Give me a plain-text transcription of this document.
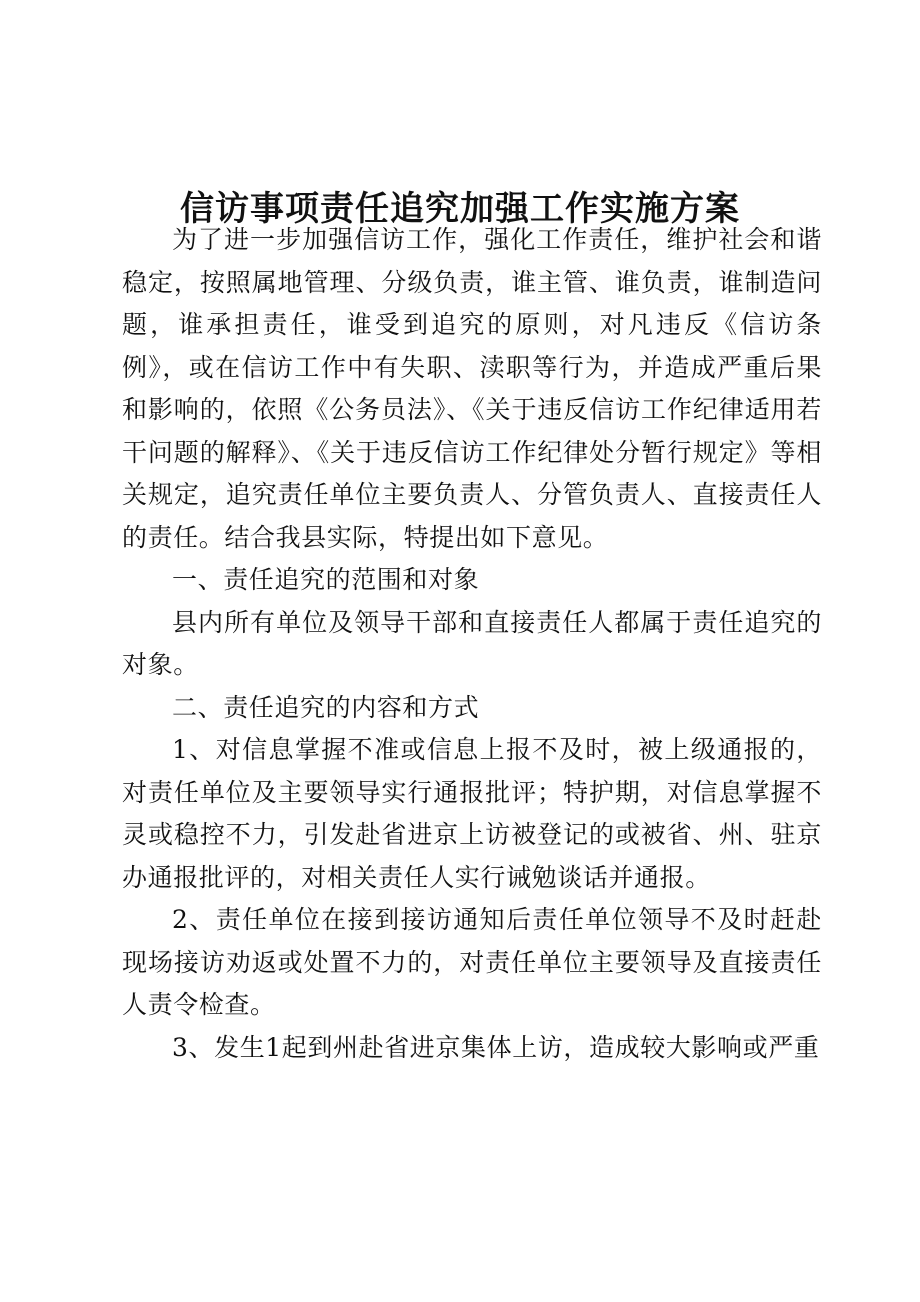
信访事项责任追究加强工作实施方案

为了进一步加强信访工作，强化工作责任，维护社会和谐稳定，按照属地管理、分级负责，谁主管、谁负责，谁制造问题，谁承担责任，谁受到追究的原则，对凡违反《信访条例》，或在信访工作中有失职、渎职等行为，并造成严重后果和影响的，依照《公务员法》、《关于违反信访工作纪律适用若干问题的解释》、《关于违反信访工作纪律处分暂行规定》等相关规定，追究责任单位主要负责人、分管负责人、直接责任人的责任。结合我县实际，特提出如下意见。

一、责任追究的范围和对象

县内所有单位及领导干部和直接责任人都属于责任追究的对象。

二、责任追究的内容和方式

1、对信息掌握不准或信息上报不及时，被上级通报的，对责任单位及主要领导实行通报批评；特护期，对信息掌握不灵或稳控不力，引发赴省进京上访被登记的或被省、州、驻京办通报批评的，对相关责任人实行诫勉谈话并通报。

2、责任单位在接到接访通知后责任单位领导不及时赶赴现场接访劝返或处置不力的，对责任单位主要领导及直接责任人责令检查。

3、发生1起到州赴省进京集体上访，造成较大影响或严重
